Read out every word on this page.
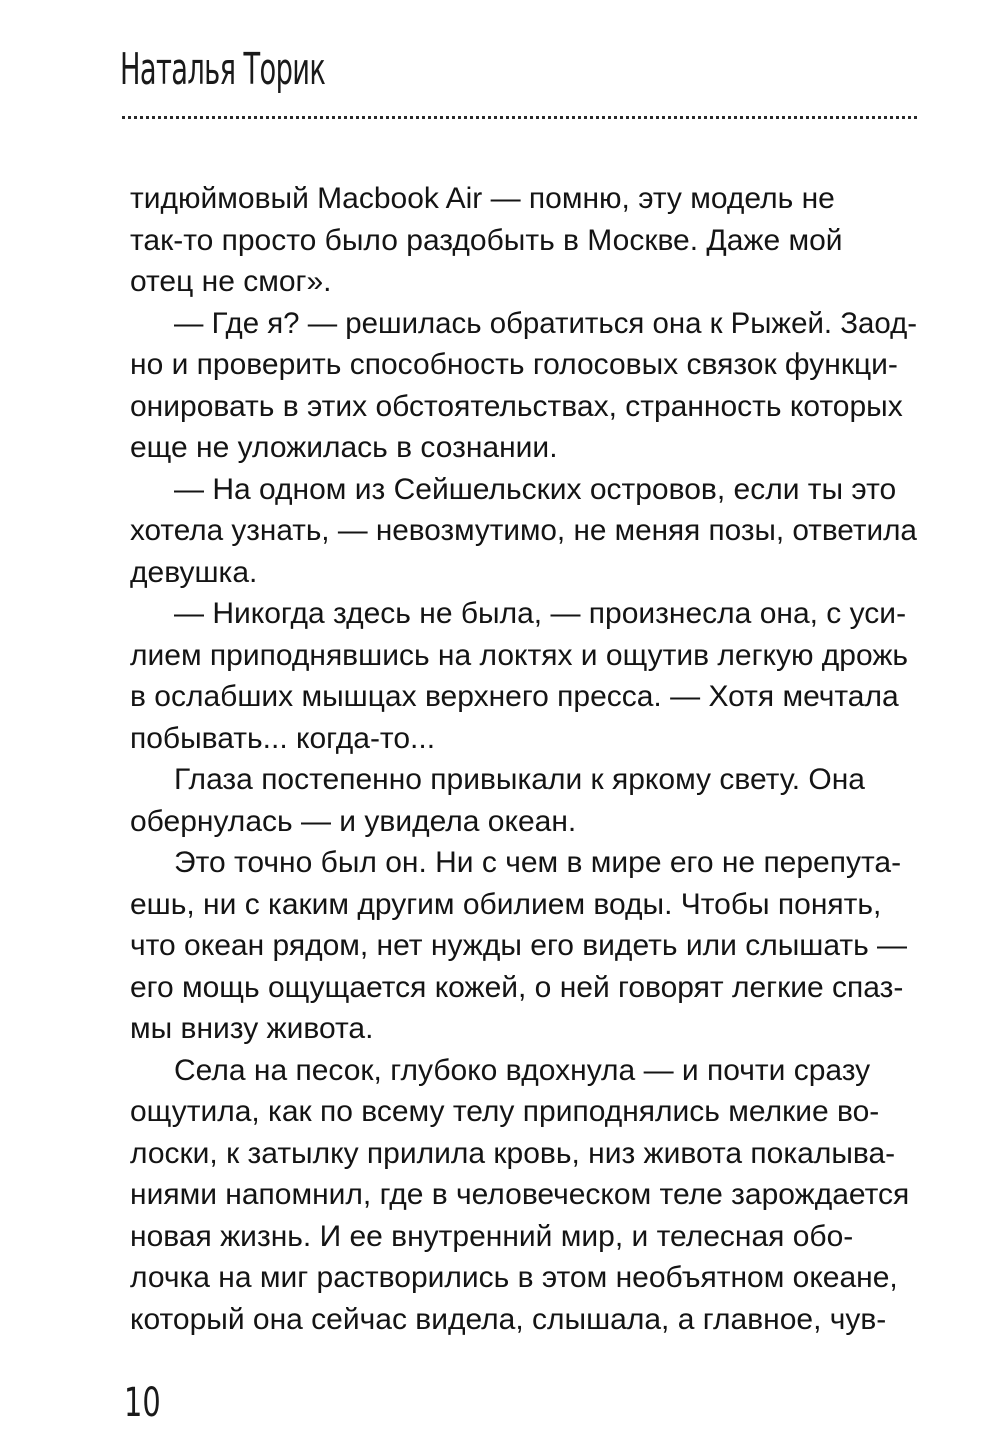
Наталья Торик
тидюймовый Macbook Air — помню, эту модель не
так-то просто было раздобыть в Москве. Даже мой
отец не смог».
— Где я? — решилась обратиться она к Рыжей. Заод-
но и проверить способность голосовых связок функци-
онировать в этих обстоятельствах, странность которых
еще не уложилась в сознании.
— На одном из Сейшельских островов, если ты это
хотела узнать, — невозмутимо, не меняя позы, ответила
девушка.
— Никогда здесь не была, — произнесла она, с уси-
лием приподнявшись на локтях и ощутив легкую дрожь
в ослабших мышцах верхнего пресса. — Хотя мечтала
побывать... когда-то...
Глаза постепенно привыкали к яркому свету. Она
обернулась — и увидела океан.
Это точно был он. Ни с чем в мире его не перепута-
ешь, ни с каким другим обилием воды. Чтобы понять,
что океан рядом, нет нужды его видеть или слышать —
его мощь ощущается кожей, о ней говорят легкие спаз-
мы внизу живота.
Села на песок, глубоко вдохнула — и почти сразу
ощутила, как по всему телу приподнялись мелкие во-
лоски, к затылку прилила кровь, низ живота покалыва-
ниями напомнил, где в человеческом теле зарождается
новая жизнь. И ее внутренний мир, и телесная обо-
лочка на миг растворились в этом необъятном океане,
который она сейчас видела, слышала, а главное, чув-
10
